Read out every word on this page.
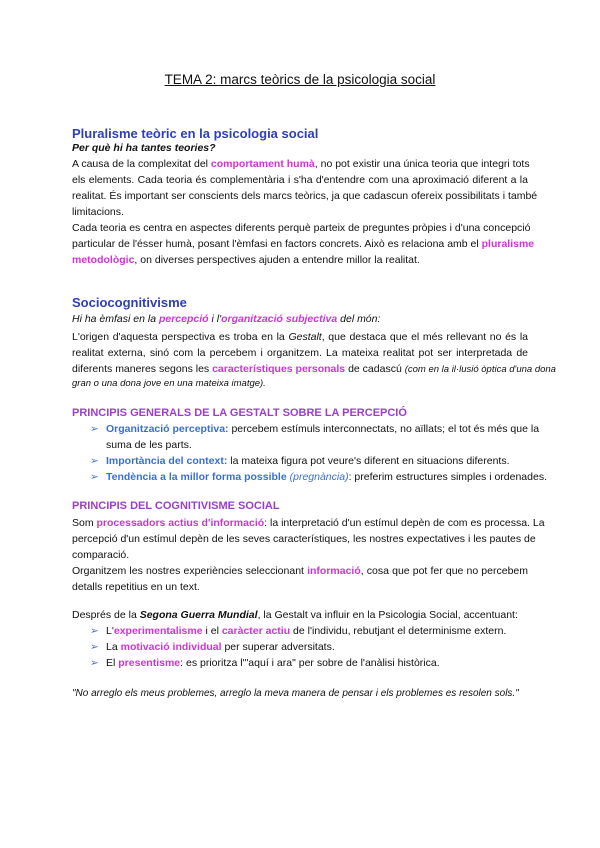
TEMA 2: marcs teòrics de la psicologia social
Pluralisme teòric en la psicologia social
Per què hi ha tantes teories?
A causa de la complexitat del comportament humà, no pot existir una única teoria que integri tots
els elements. Cada teoria és complementària i s'ha d'entendre com una aproximació diferent a la
realitat. És important ser conscients dels marcs teòrics, ja que cadascun ofereix possibilitats i també
limitacions.
Cada teoria es centra en aspectes diferents perquè parteix de preguntes pròpies i d'una concepció
particular de l'ésser humà, posant l'èmfasi en factors concrets. Això es relaciona amb el pluralisme
metodològic, on diverses perspectives ajuden a entendre millor la realitat.
Sociocognitivisme
Hi ha èmfasi en la percepció i l'organització subjectiva del món:
L'origen d'aquesta perspectiva es troba en la Gestalt, que destaca que el més rellevant no és la
realitat externa, sinó com la percebem i organitzem. La mateixa realitat pot ser interpretada de
diferents maneres segons les característiques personals de cadascú (com en la il·lusió òptica d'una dona
gran o una dona jove en una mateixa imatge).
PRINCIPIS GENERALS DE LA GESTALT SOBRE LA PERCEPCIÓ
➢ Organització perceptiva: percebem estímuls interconnectats, no aïllats; el tot és més que la
suma de les parts.
➢ Importància del context: la mateixa figura pot veure's diferent en situacions diferents.
➢ Tendència a la millor forma possible (pregnància): preferim estructures simples i ordenades.
PRINCIPIS DEL COGNITIVISME SOCIAL
Som processadors actius d'informació: la interpretació d'un estímul depèn de com es processa. La
percepció d'un estímul depèn de les seves característiques, les nostres expectatives i les pautes de
comparació.
Organitzem les nostres experiències seleccionant informació, cosa que pot fer que no percebem
detalls repetitius en un text.
Després de la Segona Guerra Mundial, la Gestalt va influir en la Psicologia Social, accentuant:
➢ L'experimentalisme i el caràcter actiu de l'individu, rebutjant el determinisme extern.
➢ La motivació individual per superar adversitats.
➢ El presentisme: es prioritza l'"aquí i ara" per sobre de l'anàlisi històrica.
"No arreglo els meus problemes, arreglo la meva manera de pensar i els problemes es resolen sols."
